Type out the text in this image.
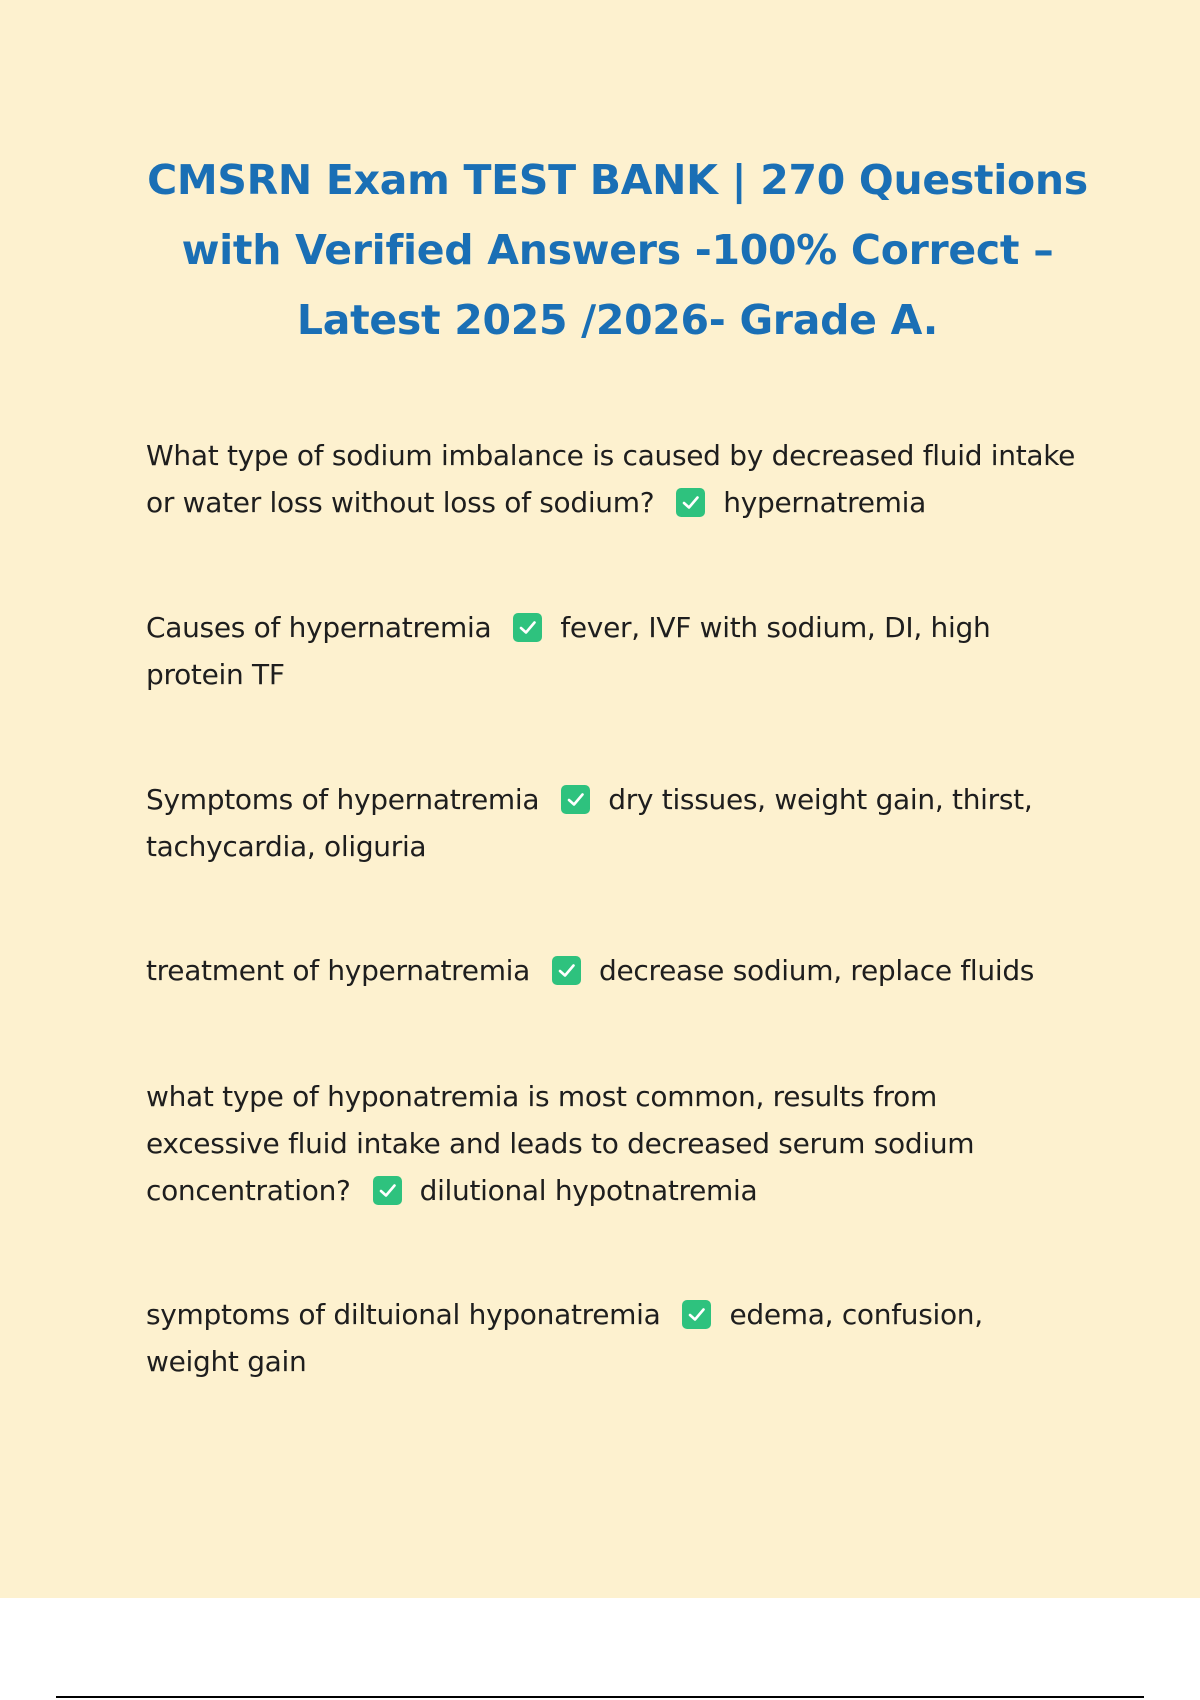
CMSRN Exam TEST BANK | 270 Questions
with Verified Answers -100% Correct –
Latest 2025 /2026- Grade A.

What type of sodium imbalance is caused by decreased fluid intake or water loss without loss of sodium? hypernatremia

Causes of hypernatremia fever, IVF with sodium, DI, high protein TF

Symptoms of hypernatremia dry tissues, weight gain, thirst, tachycardia, oliguria

treatment of hypernatremia decrease sodium, replace fluids

what type of hyponatremia is most common, results from excessive fluid intake and leads to decreased serum sodium concentration? dilutional hypotnatremia

symptoms of diltuional hyponatremia edema, confusion, weight gain
